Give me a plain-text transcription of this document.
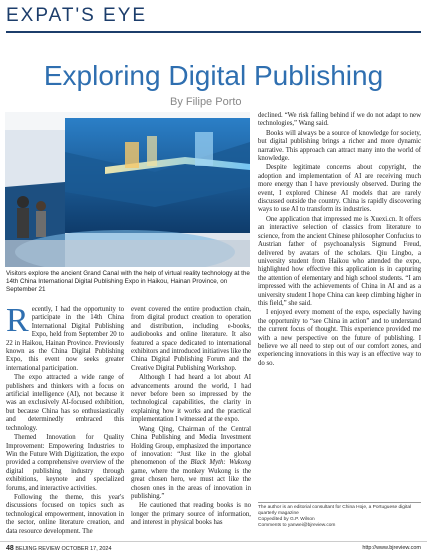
EXPAT'S EYE
Exploring Digital Publishing
By Filipe Porto
Visitors explore the ancient Grand Canal with the help of virtual reality technology at the 14th China International Digital Publishing Expo in Haikou, Hainan Province, on September 21

Recently, I had the opportunity to participate in the 14th China International Digital Publishing Expo, held from September 20 to 22 in Haikou, Hainan Province. Previously known as the China Digital Publishing Expo, this event now seeks greater international participation.

The expo attracted a wide range of publishers and thinkers with a focus on artificial intelligence (AI), not because it was an exclusively AI-focused exhibition, but because China has so enthusiastically and determinedly embraced this technology.

Themed Innovation for Quality Improvement: Empowering Industries to Win the Future With Digitization, the expo provided a comprehensive overview of the digital publishing industry through exhibitions, keynote and specialized forums, and interactive activities.

Following the theme, this year's discussions focused on topics such as technological empowerment, innovation in the sector, online literature creation, and data resource development. The

event covered the entire production chain, from digital product creation to operation and distribution, including e-books, audiobooks and online literature. It also featured a space dedicated to international exhibitors and introduced initiatives like the China Digital Publishing Forum and the Creative Digital Publishing Workshop.

Although I had heard a lot about AI advancements around the world, I had never before been so impressed by the technological capabilities, the clarity in explaining how it works and the practical implementation I witnessed at the expo.

Wang Qing, Chairman of the Central China Publishing and Media Investment Holding Group, emphasized the importance of innovation: “Just like in the global phenomenon of the Black Myth: Wukong game, where the monkey Wukong is the great chosen hero, we must act like the chosen ones in the areas of innovation in publishing.”

He cautioned that reading books is no longer the primary source of information, and interest in physical books has

declined. “We risk falling behind if we do not adapt to new technologies,” Wang said.

Books will always be a source of knowledge for society, but digital publishing brings a richer and more dynamic narrative. This approach can attract many into the world of knowledge.

Despite legitimate concerns about copyright, the adoption and implementation of AI are receiving much more energy than I have previously observed. During the event, I explored Chinese AI models that are rarely discussed outside the country. China is rapidly discovering ways to use AI to transform its industries.

One application that impressed me is Xuexi.cn. It offers an interactive selection of classics from literature to science, from the ancient Chinese philosopher Confucius to Austrian father of psychoanalysis Sigmund Freud, delivered by avatars of the scholars. Qiu Lingbo, a university student from Haikou who attended the expo, highlighted how effective this application is in capturing the attention of elementary and high school students. “I am impressed with the achievements of China in AI and as a university student I hope China can keep climbing higher in this field,” she said.

I enjoyed every moment of the expo, especially having the opportunity to “see China in action” and to understand the current focus of thought. This experience provided me with a new perspective on the future of publishing. I believe we all need to step out of our comfort zones, and experiencing innovations in this way is an effective way to do so.

The author is an editorial consultant for China Hoje, a Portuguese digital quarterly magazine
Copyedited by G.P. Wilson
Comments to yanwei@bjreview.com
48 BEIJING REVIEW OCTOBER 17, 2024	http://www.bjreview.com
